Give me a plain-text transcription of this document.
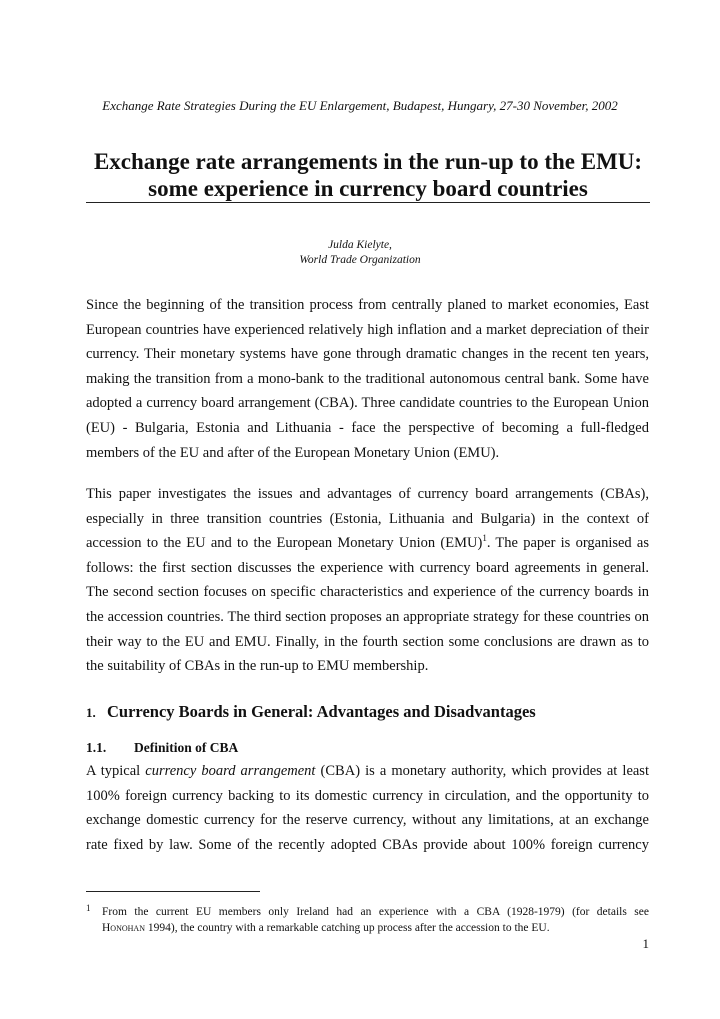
Exchange Rate Strategies During the EU Enlargement, Budapest, Hungary, 27-30 November, 2002
Exchange rate arrangements in the run-up to the EMU:
some experience in currency board countries
Julda Kielyte,
World Trade Organization
Since the beginning of the transition process from centrally planed to market economies, East
European countries have experienced relatively high inflation and a market depreciation of their
currency. Their monetary systems have gone through dramatic changes in the recent ten years,
making the transition from a mono-bank to the traditional autonomous central bank. Some have
adopted a currency board arrangement (CBA). Three candidate countries to the European Union
(EU) - Bulgaria, Estonia and Lithuania - face the perspective of becoming a full-fledged
members of the EU and after of the European Monetary Union (EMU).
This paper investigates the issues and advantages of currency board arrangements (CBAs),
especially in three transition countries (Estonia, Lithuania and Bulgaria) in the context of
accession to the EU and to the European Monetary Union (EMU)$^1$. The paper is organised as
follows: the first section discusses the experience with currency board agreements in general.
The second section focuses on specific characteristics and experience of the currency boards in
the accession countries. The third section proposes an appropriate strategy for these countries on
their way to the EU and EMU. Finally, in the fourth section some conclusions are drawn as to
the suitability of CBAs in the run-up to EMU membership.
1. Currency Boards in General: Advantages and Disadvantages
1.1. Definition of CBA
A typical currency board arrangement (CBA) is a monetary authority, which provides at least
100% foreign currency backing to its domestic currency in circulation, and the opportunity to
exchange domestic currency for the reserve currency, without any limitations, at an exchange
rate fixed by law. Some of the recently adopted CBAs provide about 100% foreign currency
1 From the current EU members only Ireland had an experience with a CBA (1928-1979) (for details see
Honohan 1994), the country with a remarkable catching up process after the accession to the EU.
1
